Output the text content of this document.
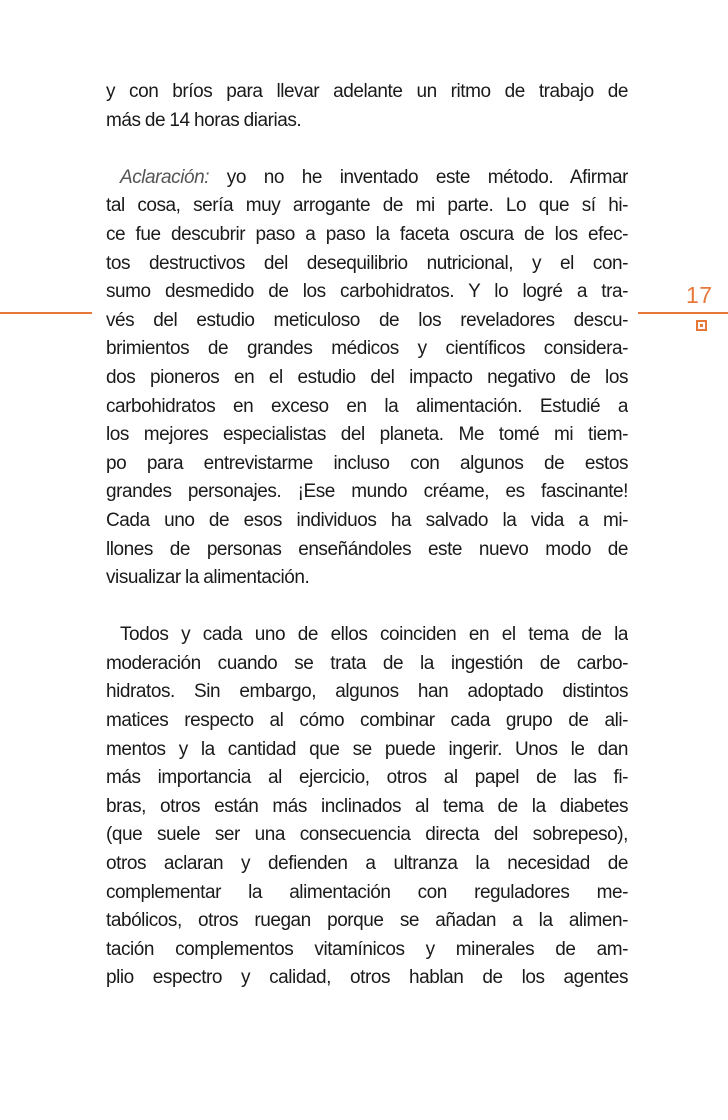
17
y con bríos para llevar adelante un ritmo de trabajo de
más de 14 horas diarias.
Aclaración: yo no he inventado este método. Afirmar
tal cosa, sería muy arrogante de mi parte. Lo que sí hi-
ce fue descubrir paso a paso la faceta oscura de los efec-
tos destructivos del desequilibrio nutricional, y el con-
sumo desmedido de los carbohidratos. Y lo logré a tra-
vés del estudio meticuloso de los reveladores descu-
brimientos de grandes médicos y científicos considera-
dos pioneros en el estudio del impacto negativo de los
carbohidratos en exceso en la alimentación. Estudié a
los mejores especialistas del planeta. Me tomé mi tiem-
po para entrevistarme incluso con algunos de estos
grandes personajes. ¡Ese mundo créame, es fascinante!
Cada uno de esos individuos ha salvado la vida a mi-
llones de personas enseñándoles este nuevo modo de
visualizar la alimentación.
Todos y cada uno de ellos coinciden en el tema de la
moderación cuando se trata de la ingestión de carbo-
hidratos. Sin embargo, algunos han adoptado distintos
matices respecto al cómo combinar cada grupo de ali-
mentos y la cantidad que se puede ingerir. Unos le dan
más importancia al ejercicio, otros al papel de las fi-
bras, otros están más inclinados al tema de la diabetes
(que suele ser una consecuencia directa del sobrepeso),
otros aclaran y defienden a ultranza la necesidad de
complementar la alimentación con reguladores me-
tabólicos, otros ruegan porque se añadan a la alimen-
tación complementos vitamínicos y minerales de am-
plio espectro y calidad, otros hablan de los agentes
